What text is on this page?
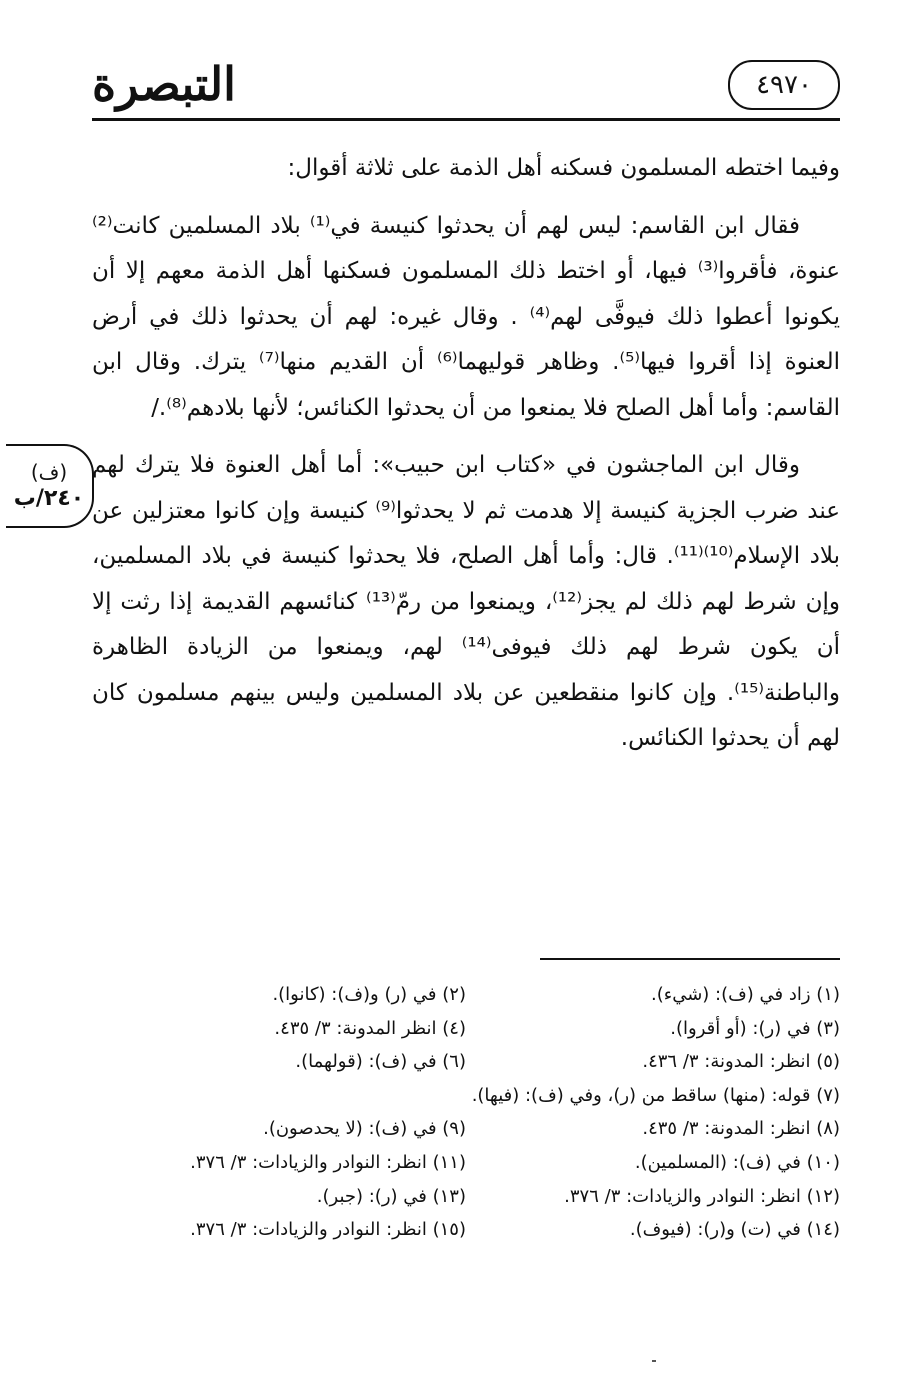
التبصرة	٤٩٧٠

وفيما اختطه المسلمون فسكنه أهل الذمة على ثلاثة أقوال:

فقال ابن القاسم: ليس لهم أن يحدثوا كنيسة في⁽¹⁾ بلاد المسلمين كانت⁽²⁾ عنوة، فأقروا⁽³⁾ فيها، أو اختط ذلك المسلمون فسكنها أهل الذمة معهم إلا أن يكونوا أعطوا ذلك فيوفَّى لهم⁽⁴⁾ . وقال غيره: لهم أن يحدثوا ذلك في أرض العنوة إذا أقروا فيها⁽⁵⁾. وظاهر قوليهما⁽⁶⁾ أن القديم منها⁽⁷⁾ يترك. وقال ابن القاسم: وأما أهل الصلح فلا يمنعوا من أن يحدثوا الكنائس؛ لأنها بلادهم⁽⁸⁾./

وقال ابن الماجشون في «كتاب ابن حبيب»: أما أهل العنوة فلا يترك لهم عند ضرب الجزية كنيسة إلا هدمت ثم لا يحدثوا⁽⁹⁾ كنيسة وإن كانوا معتزلين عن بلاد الإسلام⁽¹⁰⁾⁽¹¹⁾. قال: وأما أهل الصلح، فلا يحدثوا كنيسة في بلاد المسلمين، وإن شرط لهم ذلك لم يجز⁽¹²⁾، ويمنعوا من رمّ⁽¹³⁾ كنائسهم القديمة إذا رثت إلا أن يكون شرط لهم ذلك فيوفى⁽¹⁴⁾ لهم، ويمنعوا من الزيادة الظاهرة والباطنة⁽¹⁵⁾. وإن كانوا منقطعين عن بلاد المسلمين وليس بينهم مسلمون كان لهم أن يحدثوا الكنائس.

(ف)
٢٤٠/ب
(١) زاد في (ف): (شيء).
(٢) في (ر) و(ف): (كانوا).
(٣) في (ر): (أو أقروا).
(٤) انظر المدونة: ٣/ ٤٣٥.
(٥) انظر: المدونة: ٣/ ٤٣٦.
(٦) في (ف): (قولهما).
(٧) قوله: (منها) ساقط من (ر)، وفي (ف): (فيها).
(٨) انظر: المدونة: ٣/ ٤٣٥.
(٩) في (ف): (لا يحدصون).
(١٠) في (ف): (المسلمين).
(١١) انظر: النوادر والزيادات: ٣/ ٣٧٦.
(١٢) انظر: النوادر والزيادات: ٣/ ٣٧٦.
(١٣) في (ر): (جبر).
(١٤) في (ت) و(ر): (فيوف).
(١٥) انظر: النوادر والزيادات: ٣/ ٣٧٦.
